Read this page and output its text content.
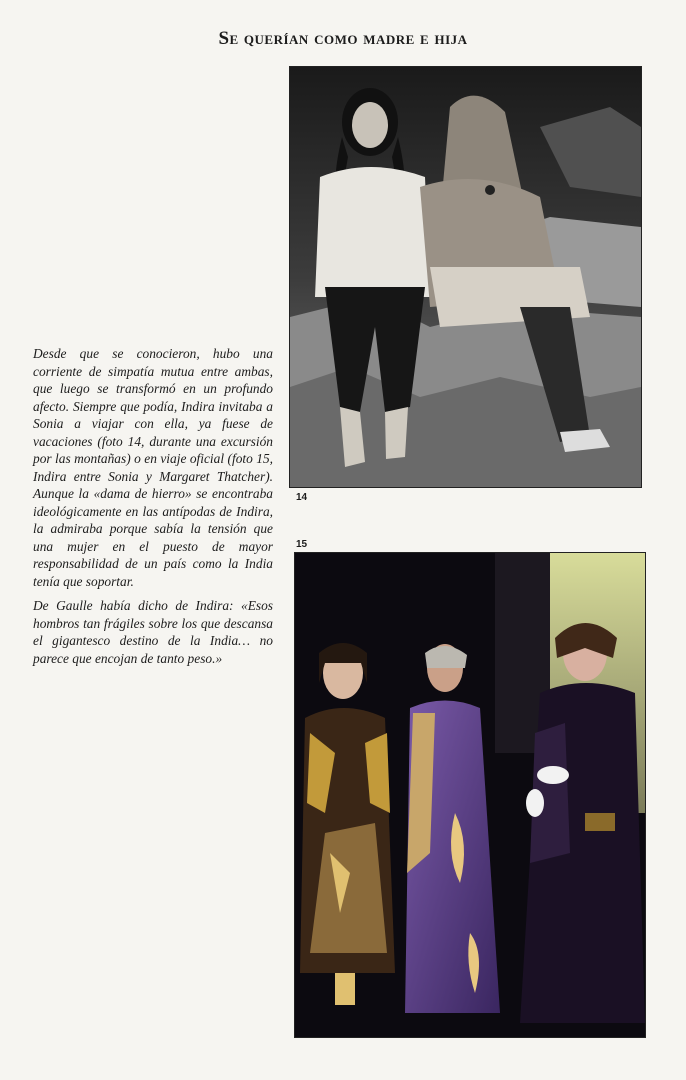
Se querían como madre e hija

Desde que se conocieron, hubo una corriente de simpatía mutua entre ambas, que luego se transformó en un profundo afecto. Siempre que podía, Indira invitaba a Sonia a viajar con ella, ya fuese de vacaciones (foto 14, durante una excursión por las montañas) o en viaje oficial (foto 15, Indira entre Sonia y Margaret Thatcher). Aunque la «dama de hierro» se encontraba ideológicamente en las antípodas de Indira, la admiraba porque sabía la tensión que una mujer en el puesto de mayor responsabilidad de un país como la India tenía que soportar.

De Gaulle había dicho de Indira: «Esos hombros tan frágiles sobre los que descansa el gigantesco destino de la India… no parece que encojan de tanto peso.»

14
15
